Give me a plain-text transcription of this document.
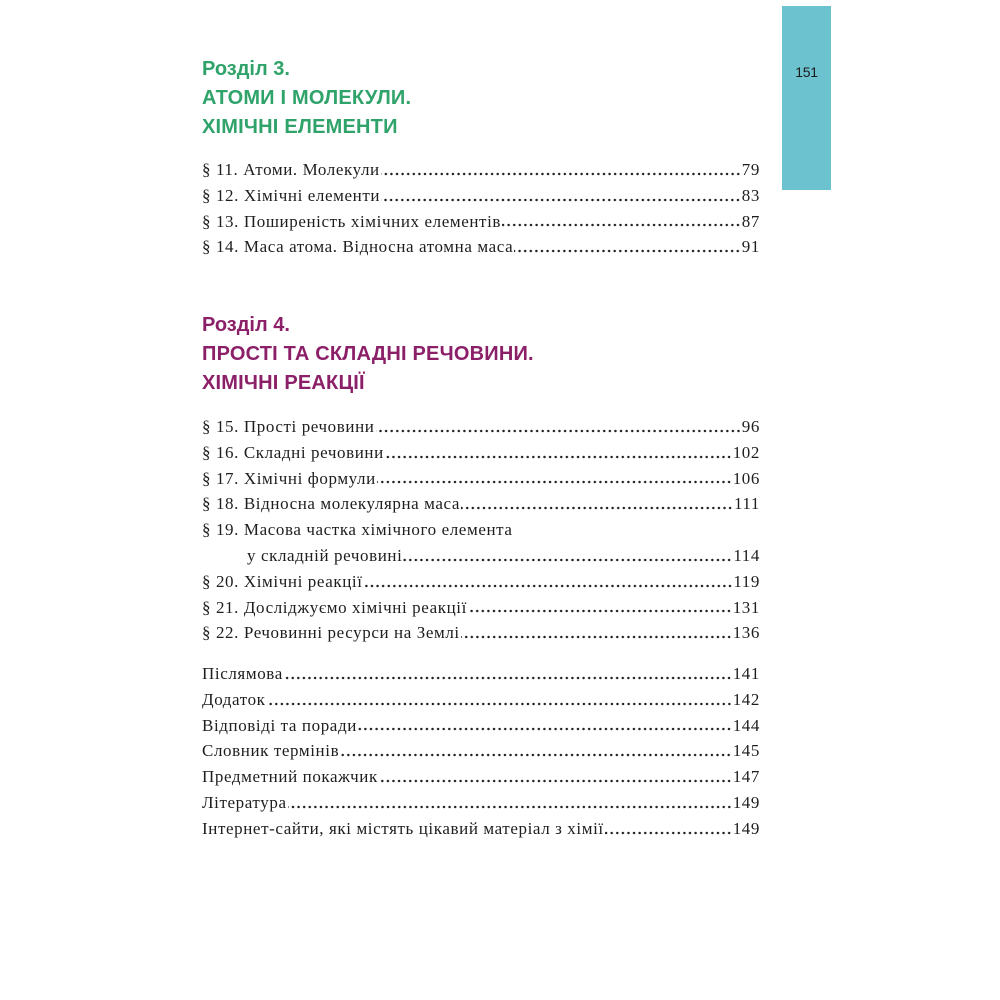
151
Розділ 3.
АТОМИ І МОЛЕКУЛИ.
ХІМІЧНІ ЕЛЕМЕНТИ
§ 11. Атоми. Молекули	79
§ 12. Хімічні елементи	83
§ 13. Поширеність хімічних елементів	87
§ 14. Маса атома. Відносна атомна маса	91
Розділ 4.
ПРОСТІ ТА СКЛАДНІ РЕЧОВИНИ.
ХІМІЧНІ РЕАКЦІЇ
§ 15. Прості речовини	96
§ 16. Складні речовини	102
§ 17. Хімічні формули	106
§ 18. Відносна молекулярна маса	111
§ 19. Масова частка хімічного елемента
у складній речовині	114
§ 20. Хімічні реакції	119
§ 21. Досліджуємо хімічні реакції	131
§ 22. Речовинні ресурси на Землі	136
Післямова	141
Додаток	142
Відповіді та поради	144
Словник термінів	145
Предметний покажчик	147
Література	149
Інтернет-сайти, які містять цікавий матеріал з хімії	149
